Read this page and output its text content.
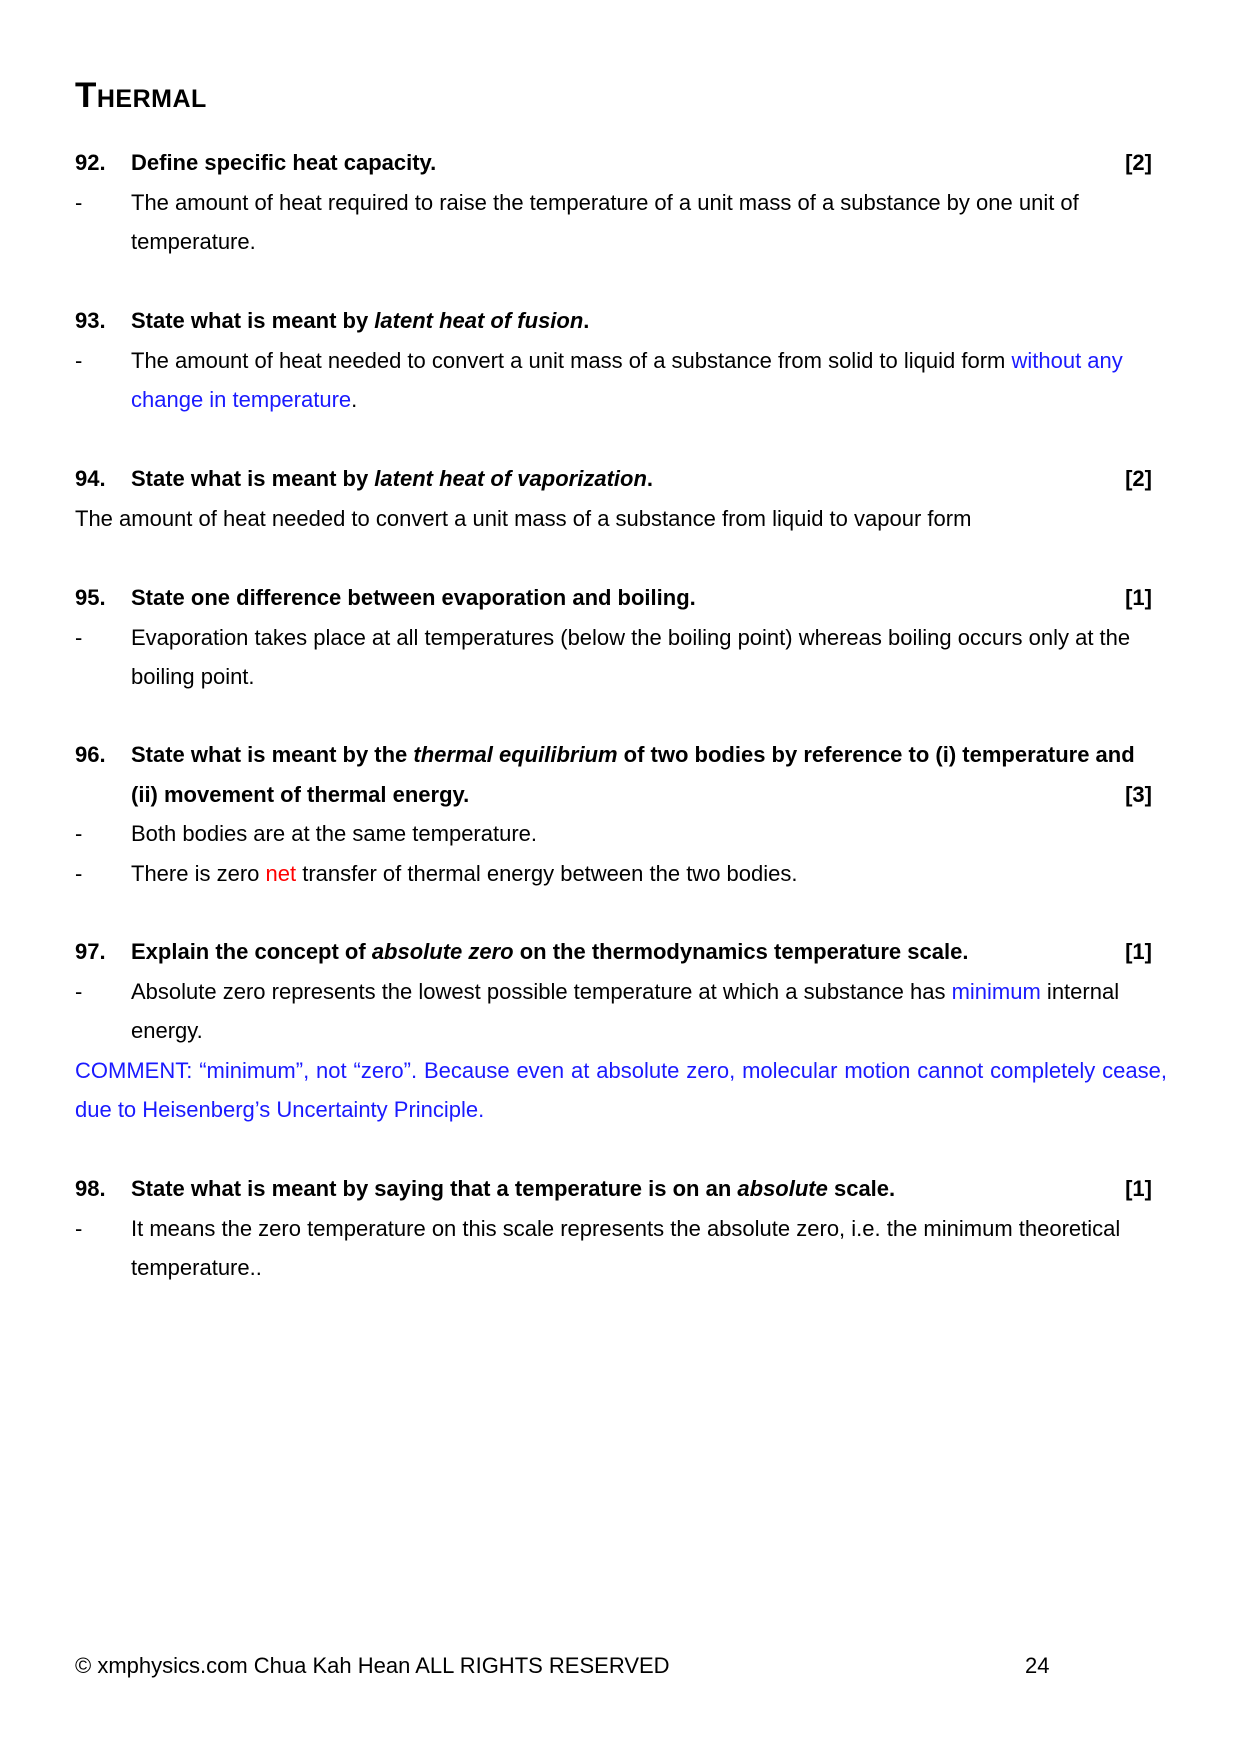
Thermal
92. Define specific heat capacity.	[2]
- The amount of heat required to raise the temperature of a unit mass of a substance by one unit of temperature.
93. State what is meant by latent heat of fusion.
- The amount of heat needed to convert a unit mass of a substance from solid to liquid form without any change in temperature.
94. State what is meant by latent heat of vaporization.	[2]
The amount of heat needed to convert a unit mass of a substance from liquid to vapour form
95. State one difference between evaporation and boiling.	[1]
- Evaporation takes place at all temperatures (below the boiling point) whereas boiling occurs only at the boiling point.
96. State what is meant by the thermal equilibrium of two bodies by reference to (i) temperature and (ii) movement of thermal energy.	[3]
- Both bodies are at the same temperature.
- There is zero net transfer of thermal energy between the two bodies.
97. Explain the concept of absolute zero on the thermodynamics temperature scale.	[1]
- Absolute zero represents the lowest possible temperature at which a substance has minimum internal energy.
COMMENT: “minimum”, not “zero”. Because even at absolute zero, molecular motion cannot completely cease, due to Heisenberg’s Uncertainty Principle.
98. State what is meant by saying that a temperature is on an absolute scale.	[1]
- It means the zero temperature on this scale represents the absolute zero, i.e. the minimum theoretical temperature..
© xmphysics.com Chua Kah Hean ALL RIGHTS RESERVED	24
